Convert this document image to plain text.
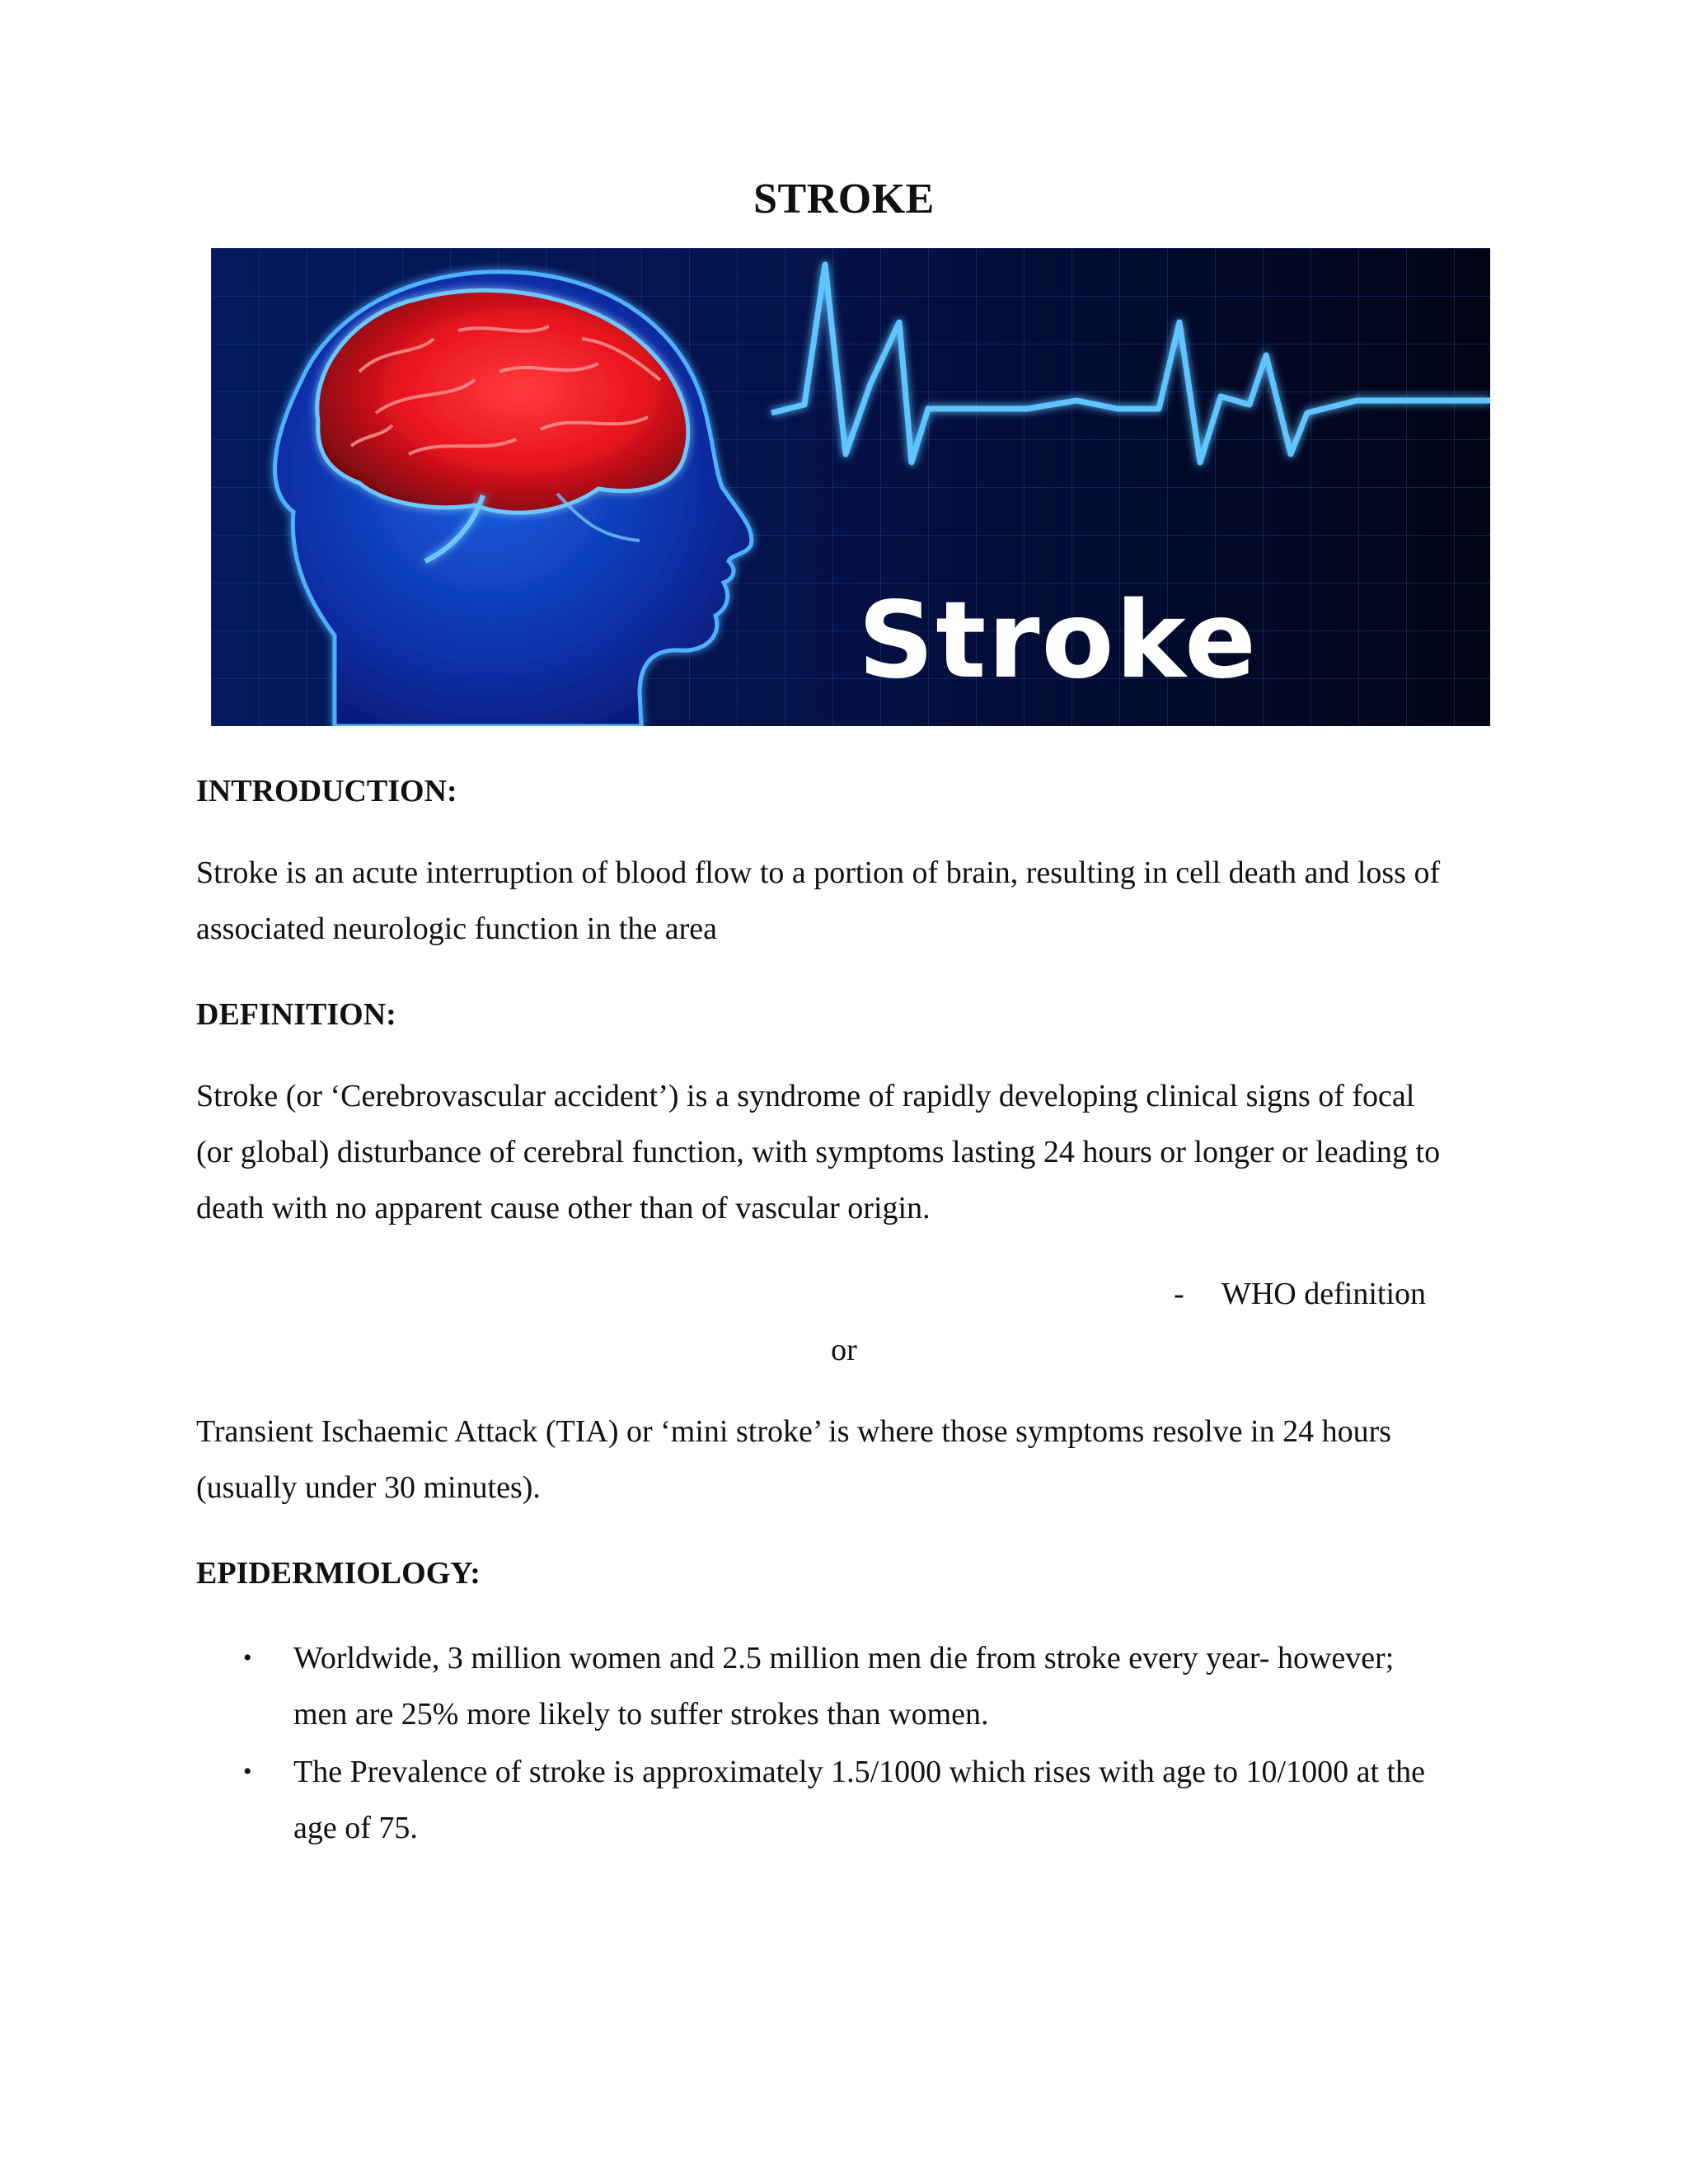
STROKE
Stroke
INTRODUCTION:
Stroke is an acute interruption of blood flow to a portion of brain, resulting in cell death and loss of
associated neurologic function in the area
DEFINITION:
Stroke (or ‘Cerebrovascular accident’) is a syndrome of rapidly developing clinical signs of focal
(or global) disturbance of cerebral function, with symptoms lasting 24 hours or longer or leading to
death with no apparent cause other than of vascular origin.
- WHO definition
or
Transient Ischaemic Attack (TIA) or ‘mini stroke’ is where those symptoms resolve in 24 hours
(usually under 30 minutes).
EPIDERMIOLOGY:
• Worldwide, 3 million women and 2.5 million men die from stroke every year- however;
men are 25% more likely to suffer strokes than women.
• The Prevalence of stroke is approximately 1.5/1000 which rises with age to 10/1000 at the
age of 75.
